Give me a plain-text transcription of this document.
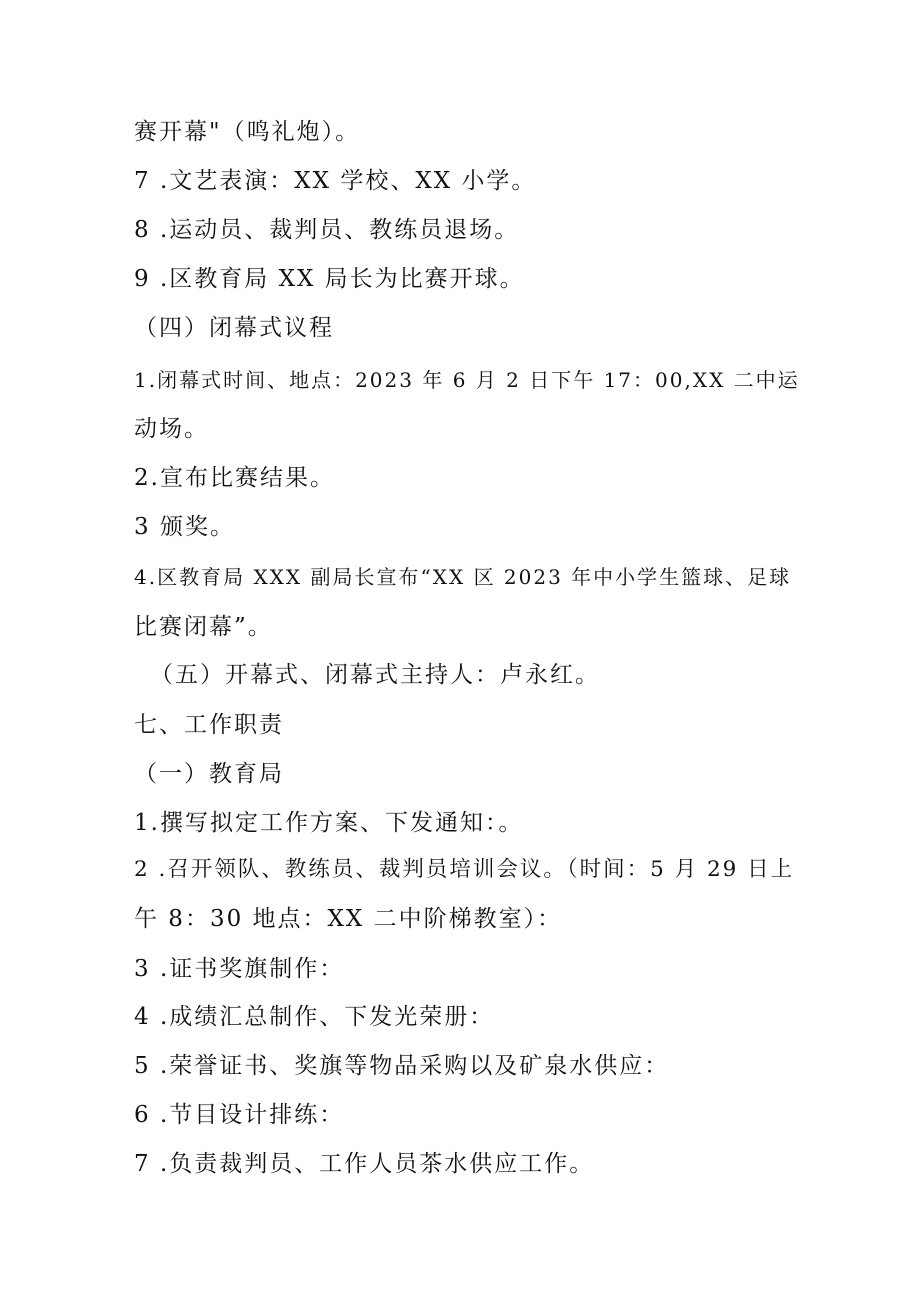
赛开幕"（鸣礼炮）。
7 .文艺表演：XX 学校、XX 小学。
8 .运动员、裁判员、教练员退场。
9 .区教育局 XX 局长为比赛开球。
（四）闭幕式议程
1.闭幕式时间、地点：2023 年 6 月 2 日下午 17：00,XX 二中运
动场。
2.宣布比赛结果。
3 颁奖。
4.区教育局 XXX 副局长宣布“XX 区 2023 年中小学生篮球、足球
比赛闭幕”。
（五）开幕式、闭幕式主持人：卢永红。
七、工作职责
（一）教育局
1.撰写拟定工作方案、下发通知：。
2 .召开领队、教练员、裁判员培训会议。（时间：5 月 29 日上
午 8：30 地点：XX 二中阶梯教室）：
3 .证书奖旗制作：
4 .成绩汇总制作、下发光荣册：
5 .荣誉证书、奖旗等物品采购以及矿泉水供应：
6 .节目设计排练：
7 .负责裁判员、工作人员茶水供应工作。
